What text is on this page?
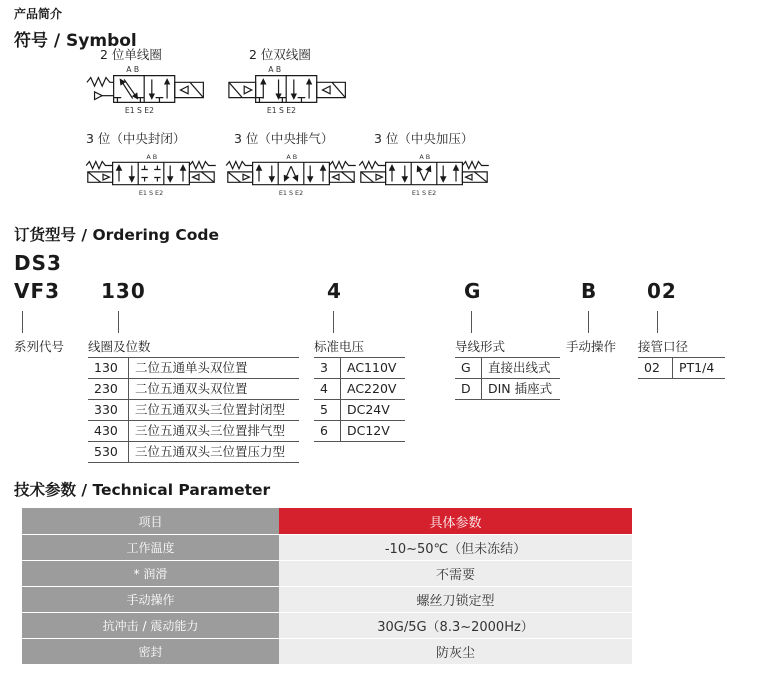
产品简介
符号 / Symbol
2 位单线圈	2 位双线圈
A B
E1 S E2
A B
E1 S E2
3 位（中央封闭）	3 位（中央排气）	3 位（中央加压）
A B
E1 S E2
A B
E1 S E2
A B
E1 S E2
订货型号 / Ordering Code
DS3
VF3 130	4	G	B 02
系列代号 线圈及位数	标准电压	导线形式	手动操作 接管口径
130	二位五通单头双位置
230	二位五通双头双位置
330	三位五通双头三位置封闭型
430	三位五通双头三位置排气型
530	三位五通双头三位置压力型
3	AC110V
4	AC220V
5	DC24V
6	DC12V
G	直接出线式
D	DIN 插座式
02	PT1/4
技术参数 / Technical Parameter
项目	具体参数
工作温度	-10~50℃（但未冻结）
* 润滑	不需要
手动操作	螺丝刀锁定型
抗冲击 / 震动能力	30G/5G（8.3~2000Hz）
密封	防灰尘
